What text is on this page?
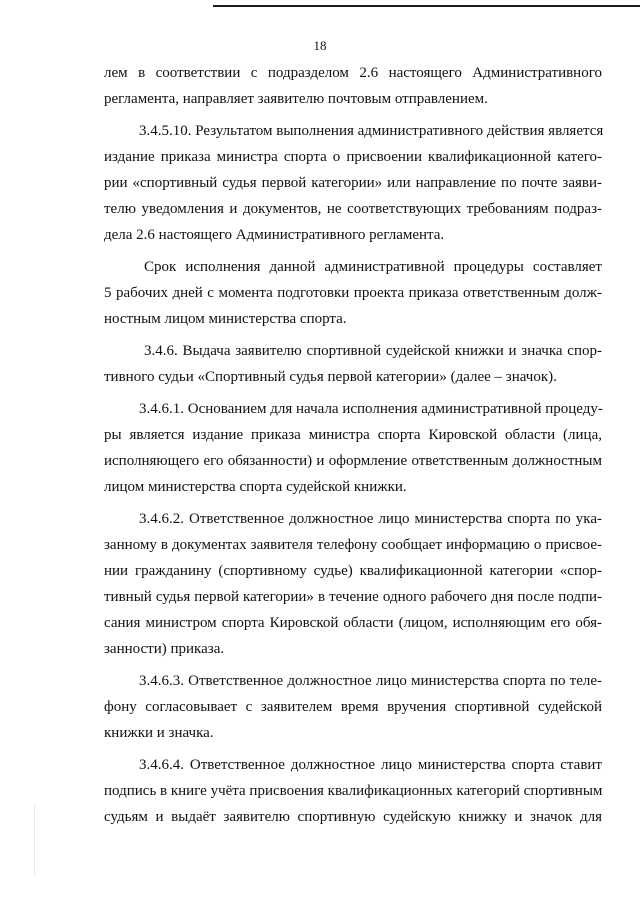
18
лем в соответствии с подразделом 2.6 настоящего Административного
регламента, направляет заявителю почтовым отправлением.
3.4.5.10. Результатом выполнения административного действия является
издание приказа министра спорта о присвоении квалификационной катего-
рии «спортивный судья первой категории» или направление по почте заяви-
телю уведомления и документов, не соответствующих требованиям подраз-
дела 2.6 настоящего Административного регламента.
Срок исполнения данной административной процедуры составляет
5 рабочих дней с момента подготовки проекта приказа ответственным долж-
ностным лицом министерства спорта.
3.4.6. Выдача заявителю спортивной судейской книжки и значка спор-
тивного судьи «Спортивный судья первой категории» (далее – значок).
3.4.6.1. Основанием для начала исполнения административной процеду-
ры является издание приказа министра спорта Кировской области (лица,
исполняющего его обязанности) и оформление ответственным должностным
лицом министерства спорта судейской книжки.
3.4.6.2. Ответственное должностное лицо министерства спорта по ука-
занному в документах заявителя телефону сообщает информацию о присвое-
нии гражданину (спортивному судье) квалификационной категории «спор-
тивный судья первой категории» в течение одного рабочего дня после подпи-
сания министром спорта Кировской области (лицом, исполняющим его обя-
занности) приказа.
3.4.6.3. Ответственное должностное лицо министерства спорта по теле-
фону согласовывает с заявителем время вручения спортивной судейской
книжки и значка.
3.4.6.4. Ответственное должностное лицо министерства спорта ставит
подпись в книге учёта присвоения квалификационных категорий спортивным
судьям и выдаёт заявителю спортивную судейскую книжку и значок для
